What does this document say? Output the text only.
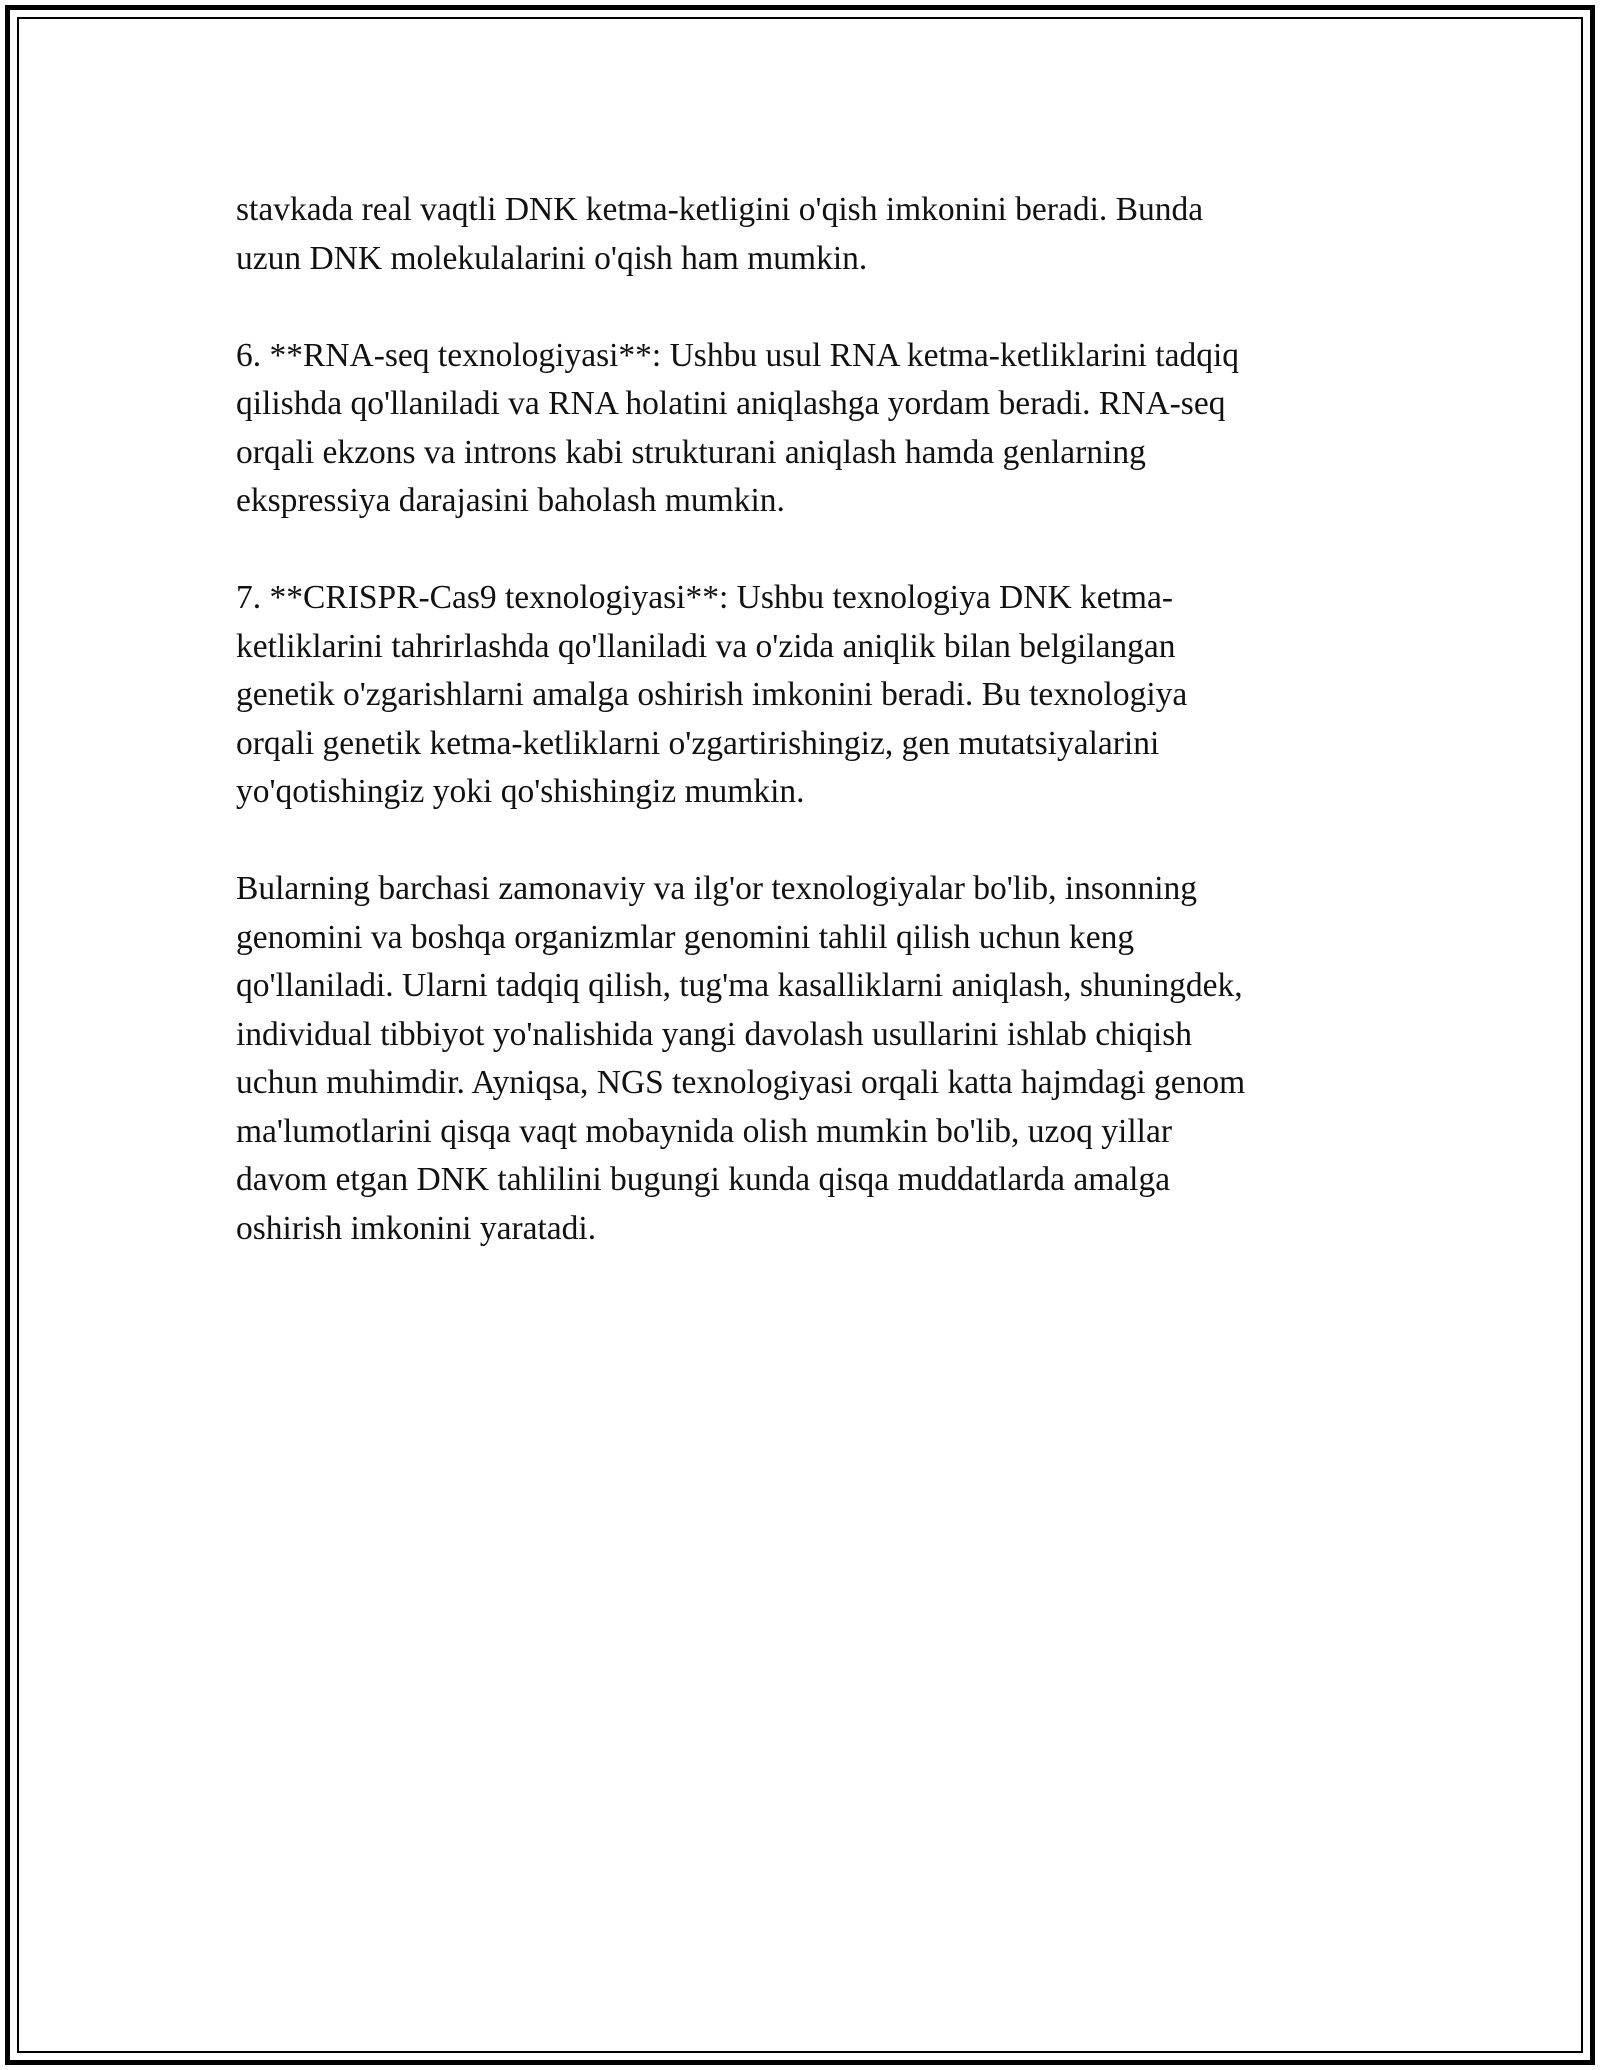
stavkada real vaqtli DNK ketma-ketligini o'qish imkonini beradi. Bunda
uzun DNK molekulalarini o'qish ham mumkin.

6. **RNA-seq texnologiyasi**: Ushbu usul RNA ketma-ketliklarini tadqiq
qilishda qo'llaniladi va RNA holatini aniqlashga yordam beradi. RNA-seq
orqali ekzons va introns kabi strukturani aniqlash hamda genlarning
ekspressiya darajasini baholash mumkin.

7. **CRISPR-Cas9 texnologiyasi**: Ushbu texnologiya DNK ketma-
ketliklarini tahrirlashda qo'llaniladi va o'zida aniqlik bilan belgilangan
genetik o'zgarishlarni amalga oshirish imkonini beradi. Bu texnologiya
orqali genetik ketma-ketliklarni o'zgartirishingiz, gen mutatsiyalarini
yo'qotishingiz yoki qo'shishingiz mumkin.

Bularning barchasi zamonaviy va ilg'or texnologiyalar bo'lib, insonning
genomini va boshqa organizmlar genomini tahlil qilish uchun keng
qo'llaniladi. Ularni tadqiq qilish, tug'ma kasalliklarni aniqlash, shuningdek,
individual tibbiyot yo'nalishida yangi davolash usullarini ishlab chiqish
uchun muhimdir. Ayniqsa, NGS texnologiyasi orqali katta hajmdagi genom
ma'lumotlarini qisqa vaqt mobaynida olish mumkin bo'lib, uzoq yillar
davom etgan DNK tahlilini bugungi kunda qisqa muddatlarda amalga
oshirish imkonini yaratadi.
